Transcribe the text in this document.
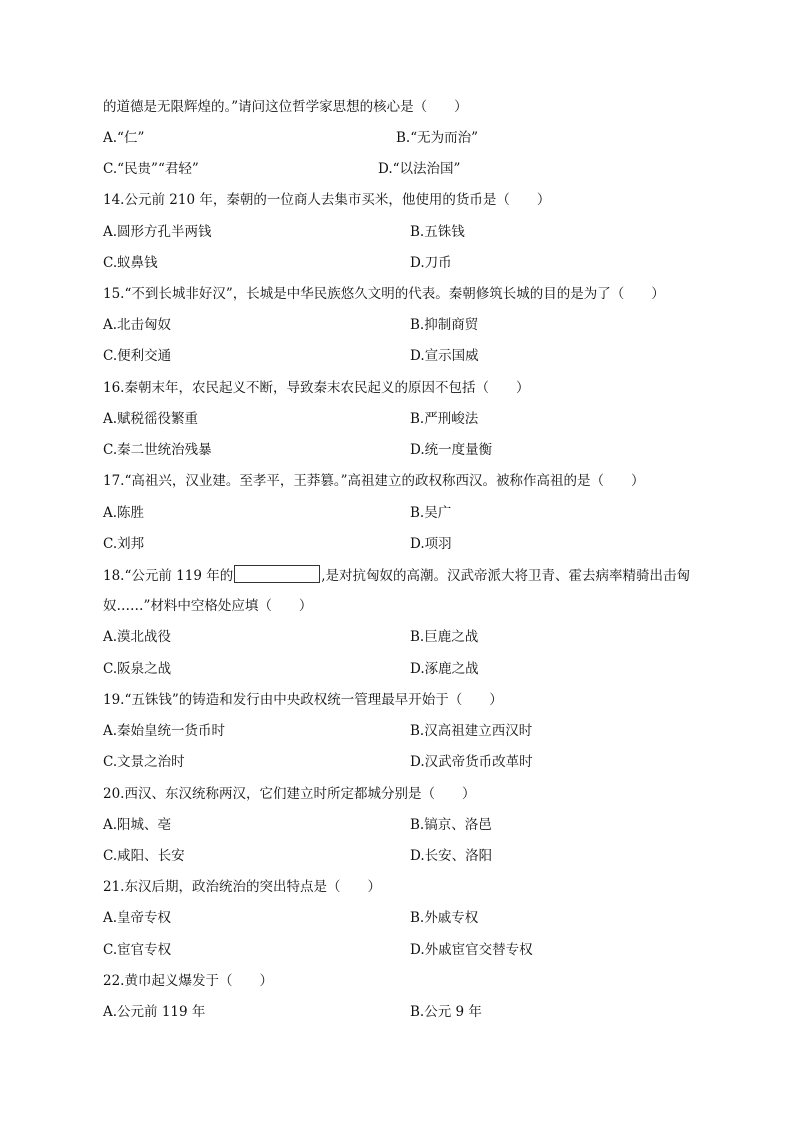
的道德是无限辉煌的。”请问这位哲学家思想的核心是（　　）
A.“仁”	B.“无为而治”
C.“民贵”“君轻”	D.“以法治国”
14.公元前 210 年，秦朝的一位商人去集市买米，他使用的货币是（　　）
A.圆形方孔半两钱	B.五铢钱
C.蚁鼻钱	D.刀币
15.“不到长城非好汉”，长城是中华民族悠久文明的代表。秦朝修筑长城的目的是为了（　　）
A.北击匈奴	B.抑制商贸
C.便利交通	D.宣示国威
16.秦朝末年，农民起义不断，导致秦末农民起义的原因不包括（　　）
A.赋税徭役繁重	B.严刑峻法
C.秦二世统治残暴	D.统一度量衡
17.“高祖兴，汉业建。至孝平，王莽篡。”高祖建立的政权称西汉。被称作高祖的是（　　）
A.陈胜	B.吴广
C.刘邦	D.项羽
18.“公元前 119 年的	,是对抗匈奴的高潮。汉武帝派大将卫青、霍去病率精骑出击匈
奴……”材料中空格处应填（　　）
A.漠北战役	B.巨鹿之战
C.阪泉之战	D.涿鹿之战
19.“五铢钱”的铸造和发行由中央政权统一管理最早开始于（　　）
A.秦始皇统一货币时	B.汉高祖建立西汉时
C.文景之治时	D.汉武帝货币改革时
20.西汉、东汉统称两汉，它们建立时所定都城分别是（　　）
A.阳城、亳	B.镐京、洛邑
C.咸阳、长安	D.长安、洛阳
21.东汉后期，政治统治的突出特点是（　　）
A.皇帝专权	B.外戚专权
C.宦官专权	D.外戚宦官交替专权
22.黄巾起义爆发于（　　）
A.公元前 119 年	B.公元 9 年
